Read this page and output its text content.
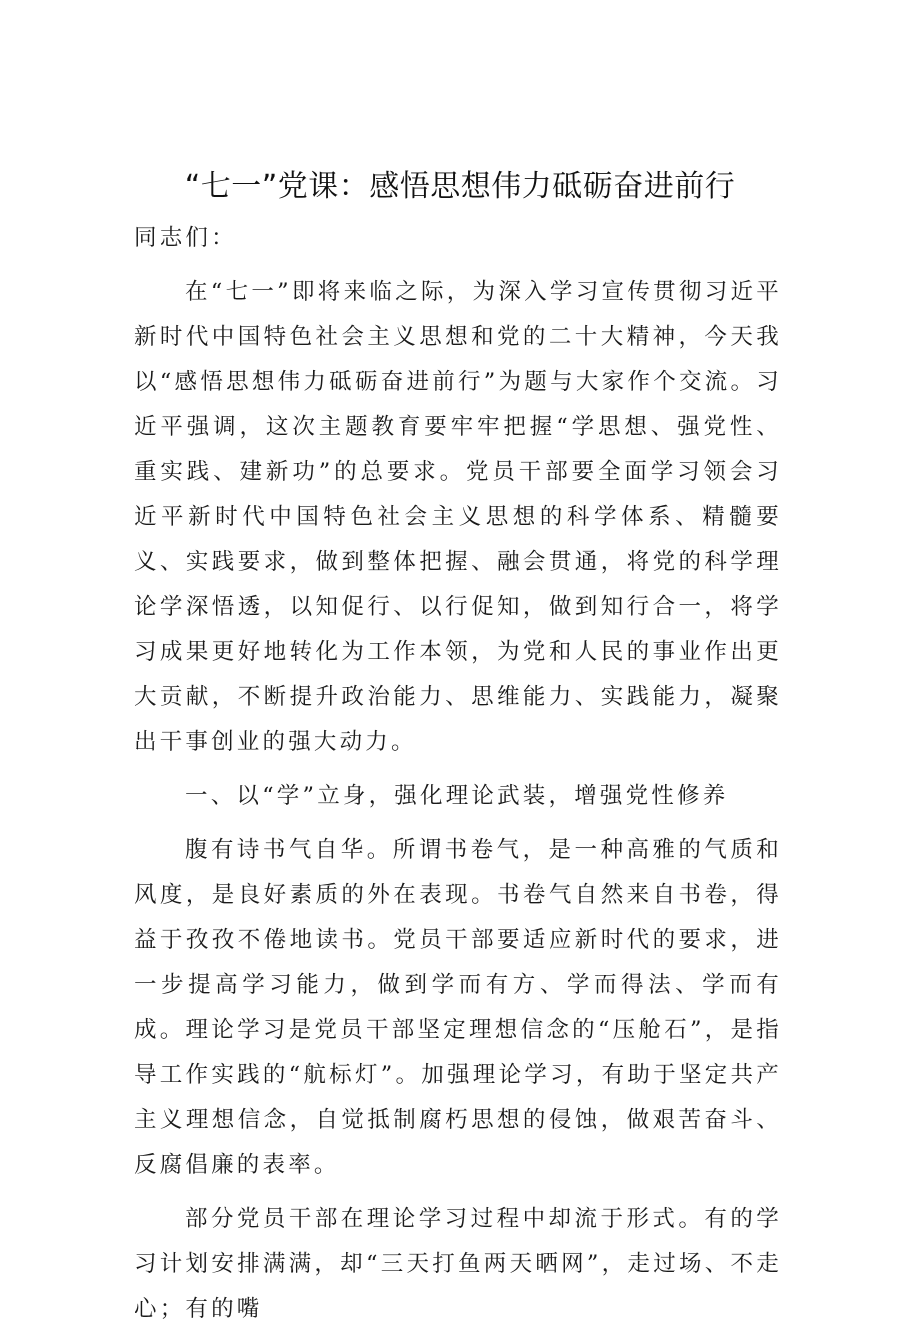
“七一”党课：感悟思想伟力砥砺奋进前行

同志们：

在“七一”即将来临之际，为深入学习宣传贯彻习近平新时代中国特色社会主义思想和党的二十大精神，今天我以“感悟思想伟力砥砺奋进前行”为题与大家作个交流。习近平强调，这次主题教育要牢牢把握“学思想、强党性、重实践、建新功”的总要求。党员干部要全面学习领会习近平新时代中国特色社会主义思想的科学体系、精髓要义、实践要求，做到整体把握、融会贯通，将党的科学理论学深悟透，以知促行、以行促知，做到知行合一，将学习成果更好地转化为工作本领，为党和人民的事业作出更大贡献，不断提升政治能力、思维能力、实践能力，凝聚出干事创业的强大动力。

一、以“学”立身，强化理论武装，增强党性修养

腹有诗书气自华。所谓书卷气，是一种高雅的气质和风度，是良好素质的外在表现。书卷气自然来自书卷，得益于孜孜不倦地读书。党员干部要适应新时代的要求，进一步提高学习能力，做到学而有方、学而得法、学而有成。理论学习是党员干部坚定理想信念的“压舱石”，是指导工作实践的“航标灯”。加强理论学习，有助于坚定共产主义理想信念，自觉抵制腐朽思想的侵蚀，做艰苦奋斗、反腐倡廉的表率。

部分党员干部在理论学习过程中却流于形式。有的学习计划安排满满，却“三天打鱼两天晒网”，走过场、不走心；有的嘴
